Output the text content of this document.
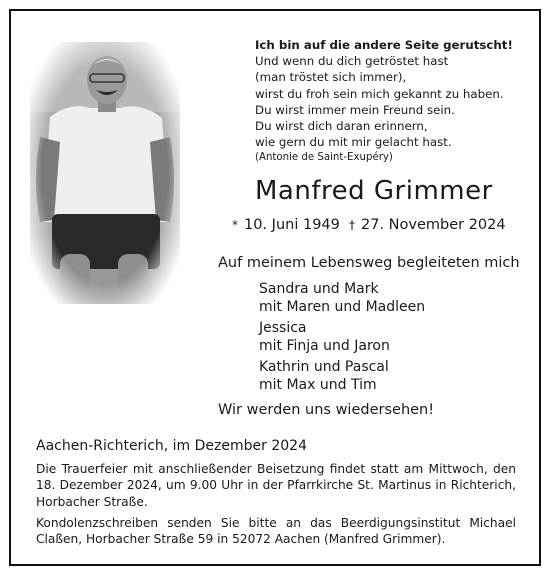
Ich bin auf die andere Seite gerutscht!
Und wenn du dich getröstet hast
(man tröstet sich immer),
wirst du froh sein mich gekannt zu haben.
Du wirst immer mein Freund sein.
Du wirst dich daran erinnern,
wie gern du mit mir gelacht hast.
(Antonie de Saint-Exupéry)
Manfred Grimmer
* 10. Juni 1949 † 27. November 2024
Auf meinem Lebensweg begleiteten mich
Sandra und Mark
mit Maren und Madleen
Jessica
mit Finja und Jaron
Kathrin und Pascal
mit Max und Tim
Wir werden uns wiedersehen!
Aachen-Richterich, im Dezember 2024
Die Trauerfeier mit anschließender Beisetzung findet statt am Mittwoch, den
18. Dezember 2024, um 9.00 Uhr in der Pfarrkirche St. Martinus in Richterich,
Horbacher Straße.
Kondolenzschreiben senden Sie bitte an das Beerdigungsinstitut Michael
Claßen, Horbacher Straße 59 in 52072 Aachen (Manfred Grimmer).
